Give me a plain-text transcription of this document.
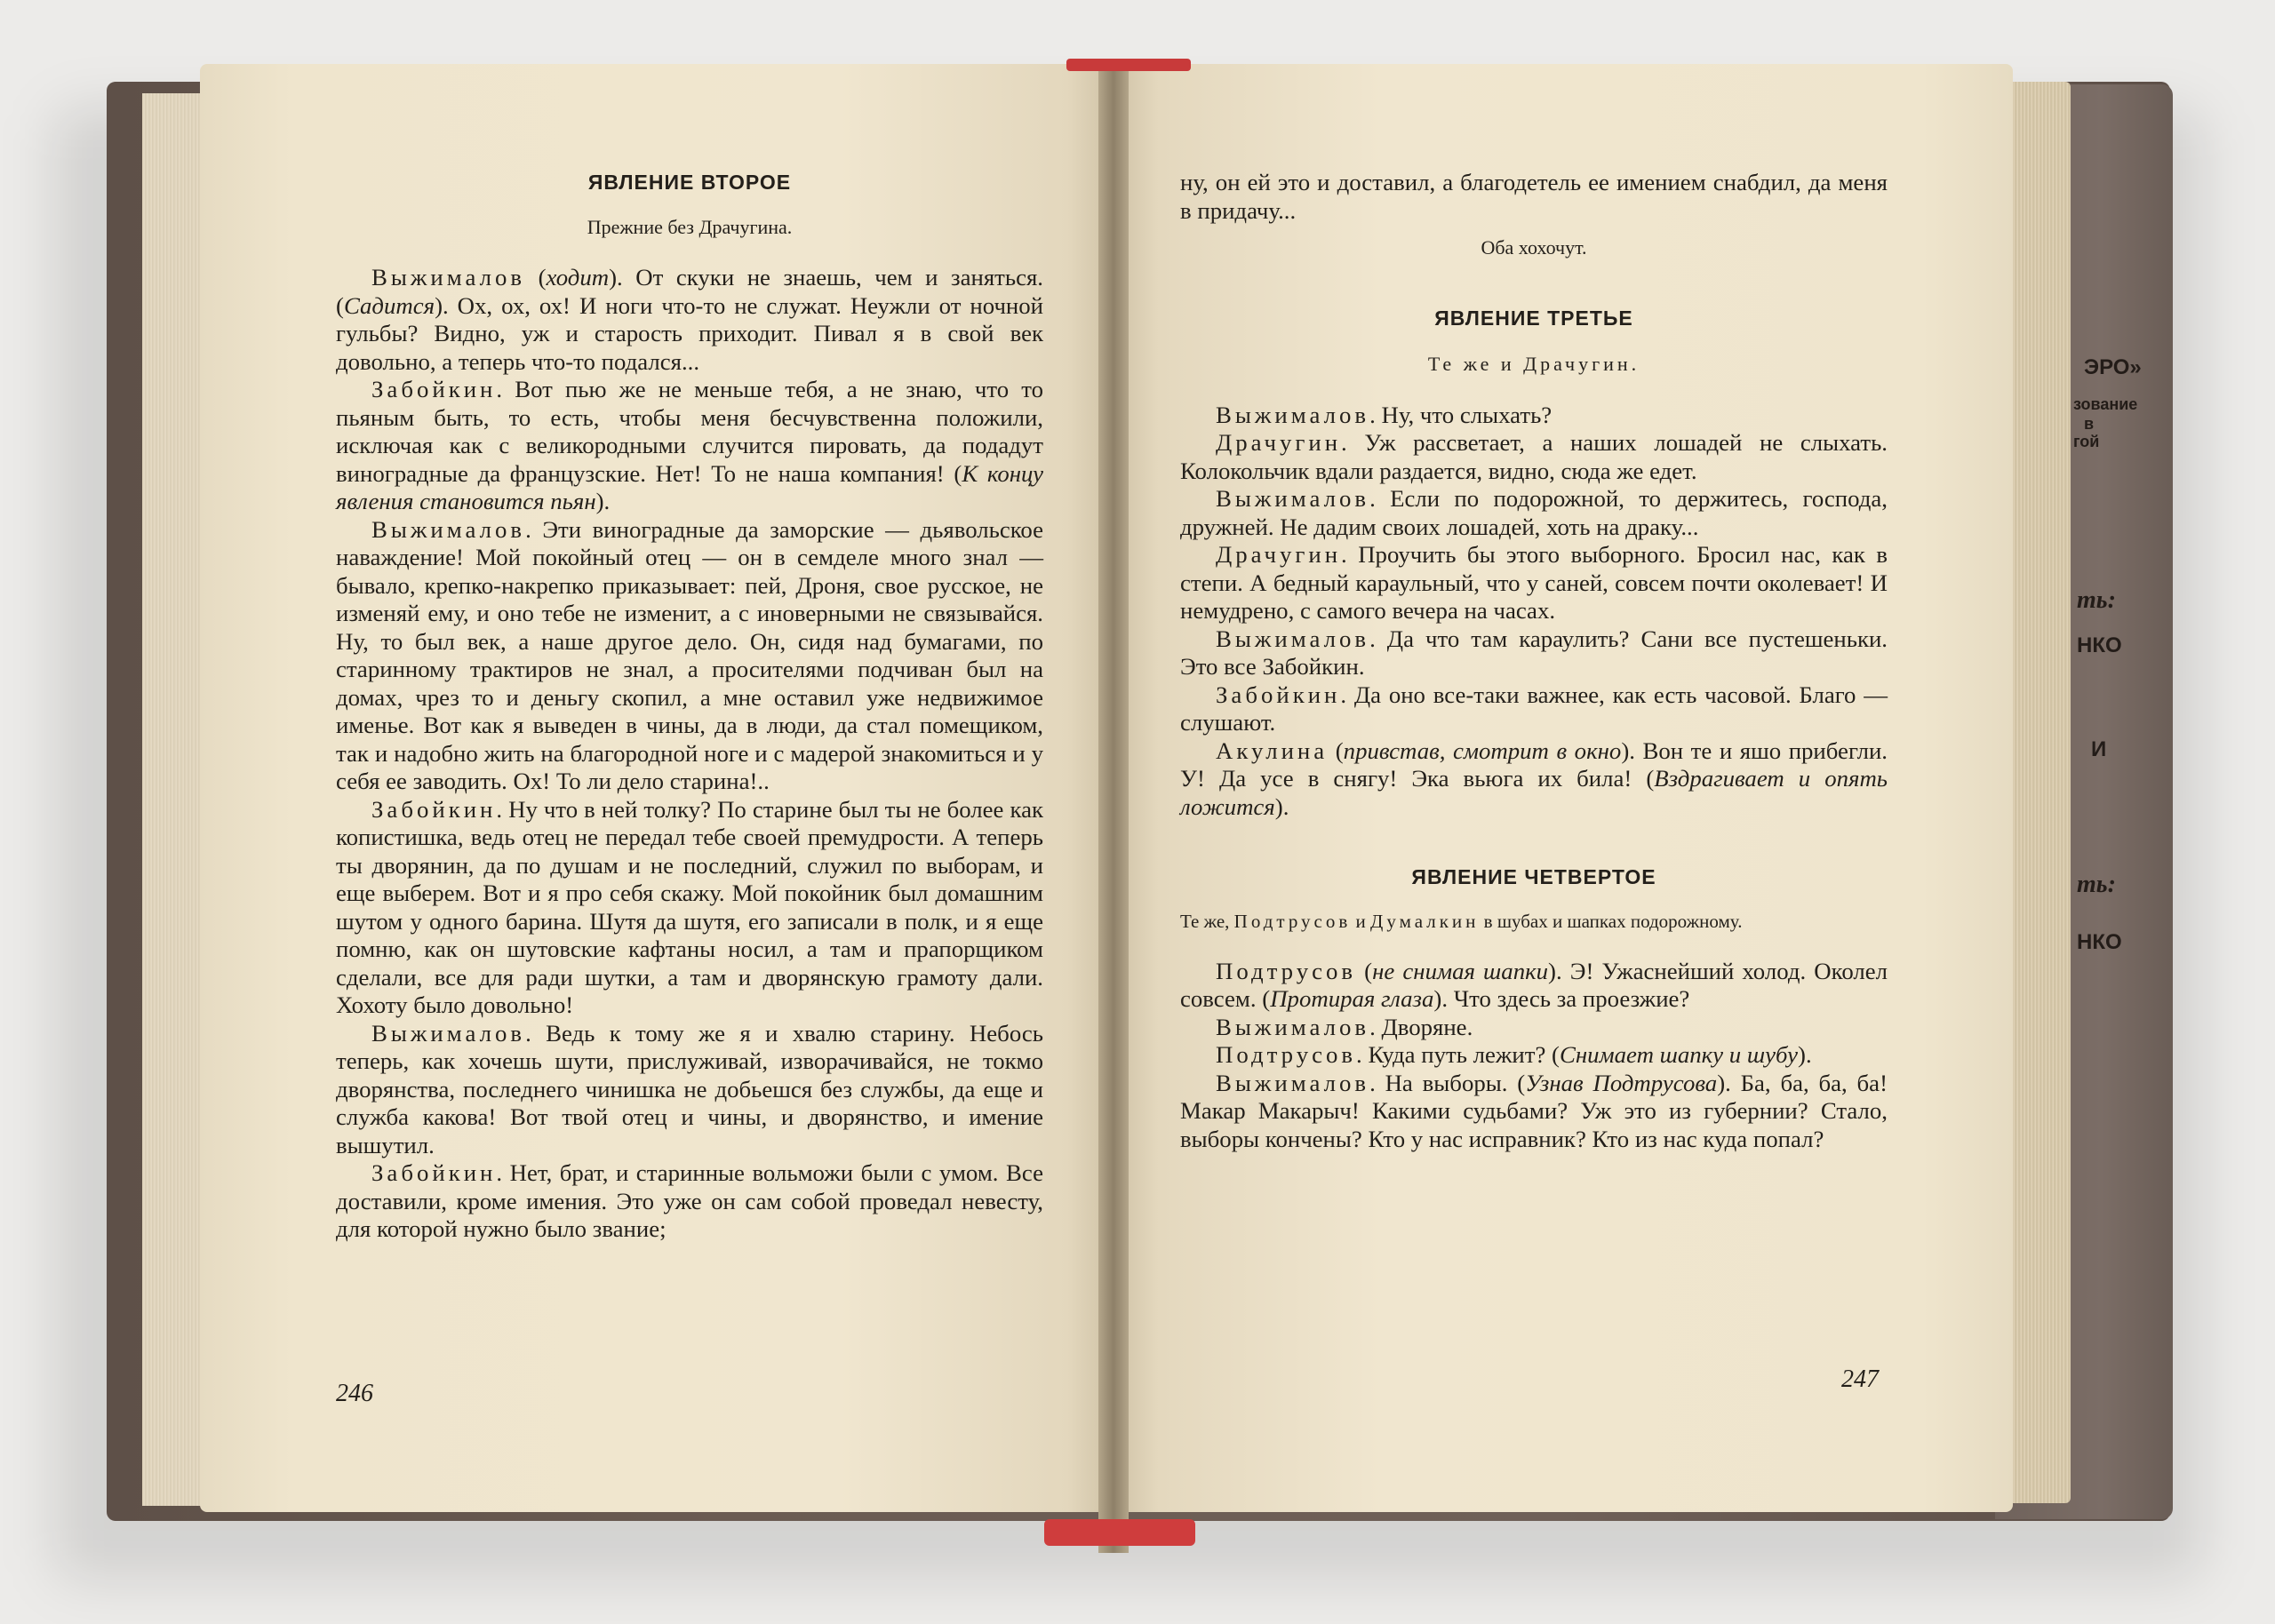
ЭРО»
зование
в
гой
ть:
НКО
И
ть:
НКО

ЯВЛЕНИЕ ВТОРОЕ

Прежние без Драчугина.

Выжималов (ходит). От скуки не знаешь, чем и заняться. (Садится). Ох, ох, ох! И ноги что-то не служат. Неужли от ночной гульбы? Видно, уж и старость приходит. Пивал я в свой век довольно, а теперь что-то подался...

Забойкин. Вот пью же не меньше тебя, а не знаю, что то пьяным быть, то есть, чтобы меня бесчувственна положили, исключая как с великородными случится пировать, да подадут виноградные да французские. Нет! То не наша компания! (К концу явления становится пьян).

Выжималов. Эти виноградные да заморские — дьявольское наваждение! Мой покойный отец — он в семделе много знал — бывало, крепко-накрепко приказывает: пей, Дроня, свое русское, не изменяй ему, и оно тебе не изменит, а с иноверными не связывайся. Ну, то был век, а наше другое дело. Он, сидя над бумагами, по старинному трактиров не знал, а просителями подчиван был на домах, чрез то и деньгу скопил, а мне оставил уже недвижимое именье. Вот как я выведен в чины, да в люди, да стал помещиком, так и надобно жить на благородной ноге и с мадерой знакомиться и у себя ее заводить. Ох! То ли дело старина!..

Забойкин. Ну что в ней толку? По старине был ты не более как копистишка, ведь отец не передал тебе своей премудрости. А теперь ты дворянин, да по душам и не последний, служил по выборам, и еще выберем. Вот и я про себя скажу. Мой покойник был домашним шутом у одного барина. Шутя да шутя, его записали в полк, и я еще помню, как он шутовские кафтаны носил, а там и прапорщиком сделали, все для ради шутки, а там и дворянскую грамоту дали. Хохоту было довольно!

Выжималов. Ведь к тому же я и хвалю старину. Небось теперь, как хочешь шути, прислуживай, изворачивайся, не токмо дворянства, последнего чинишка не добьешся без службы, да еще и служба какова! Вот твой отец и чины, и дворянство, и имение вышутил.

Забойкин. Нет, брат, и старинные вольможи были с умом. Все доставили, кроме имения. Это уже он сам собой проведал невесту, для которой нужно было звание;

246

ну, он ей это и доставил, а благодетель ее имением снабдил, да меня в придачу...

Оба хохочут.

ЯВЛЕНИЕ ТРЕТЬЕ

Те же и Драчугин.

Выжималов. Ну, что слыхать?

Драчугин. Уж рассветает, а наших лошадей не слыхать. Колокольчик вдали раздается, видно, сюда же едет.

Выжималов. Если по подорожной, то держитесь, господа, дружней. Не дадим своих лошадей, хоть на драку...

Драчугин. Проучить бы этого выборного. Бросил нас, как в степи. А бедный караульный, что у саней, совсем почти околевает! И немудрено, с самого вечера на часах.

Выжималов. Да что там караулить? Сани все пустешеньки. Это все Забойкин.

Забойкин. Да оно все-таки важнее, как есть часовой. Благо — слушают.

Акулина (привстав, смотрит в окно). Вон те и яшо прибегли. У! Да усе в снягу! Эка вьюга их била! (Вздрагивает и опять ложится).

ЯВЛЕНИЕ ЧЕТВЕРТОЕ

Те же, Подтрусов и Думалкин в шубах и шапках подорожному.

Подтрусов (не снимая шапки). Э! Ужаснейший холод. Околел совсем. (Протирая глаза). Что здесь за проезжие?

Выжималов. Дворяне.

Подтрусов. Куда путь лежит? (Снимает шапку и шубу).

Выжималов. На выборы. (Узнав Подтрусова). Ба, ба, ба, ба! Макар Макарыч! Какими судьбами? Уж это из губернии? Стало, выборы кончены? Кто у нас исправник? Кто из нас куда попал?

247
